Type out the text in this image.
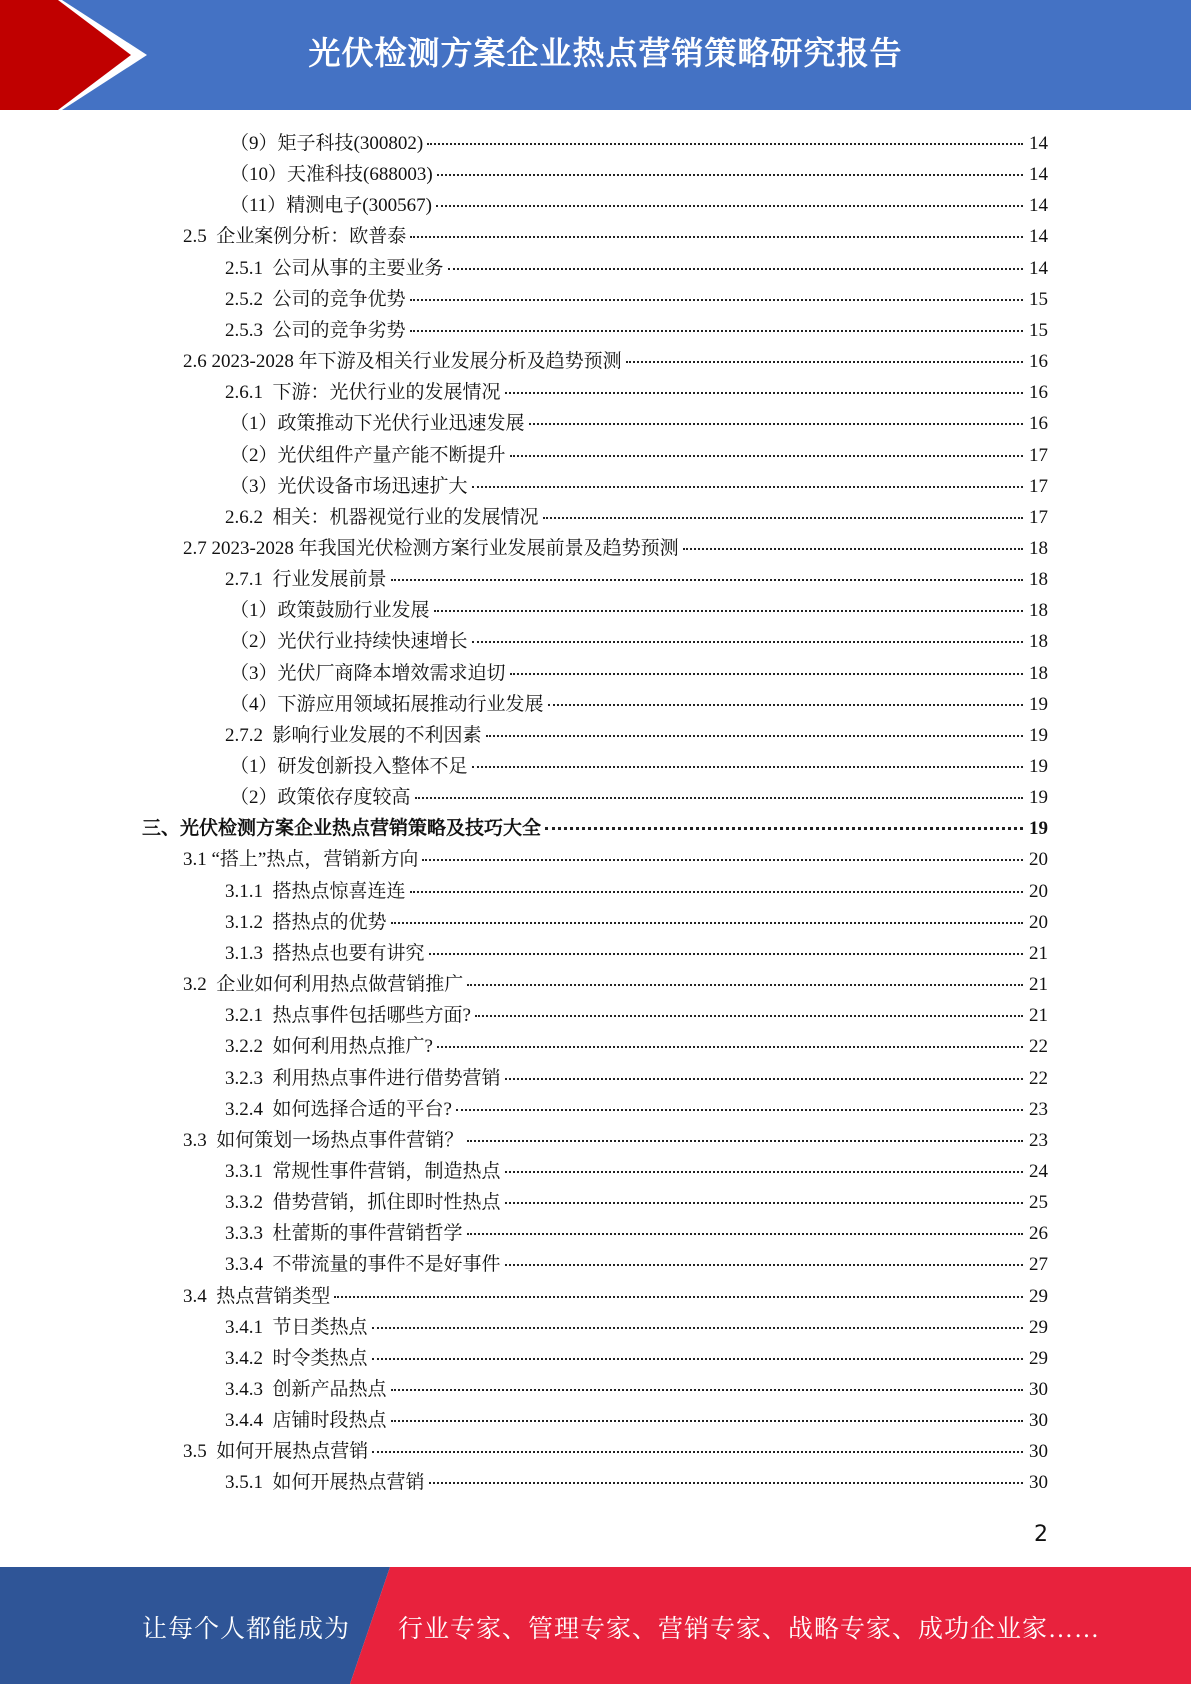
光伏检测方案企业热点营销策略研究报告
（9）矩子科技(300802)	14
（10）天准科技(688003)	14
（11）精测电子(300567)	14
2.5  企业案例分析：欧普泰	14
2.5.1  公司从事的主要业务	14
2.5.2  公司的竞争优势	15
2.5.3  公司的竞争劣势	15
2.6 2023-2028 年下游及相关行业发展分析及趋势预测	16
2.6.1  下游：光伏行业的发展情况	16
（1）政策推动下光伏行业迅速发展	16
（2）光伏组件产量产能不断提升	17
（3）光伏设备市场迅速扩大	17
2.6.2  相关：机器视觉行业的发展情况	17
2.7 2023-2028 年我国光伏检测方案行业发展前景及趋势预测	18
2.7.1  行业发展前景	18
（1）政策鼓励行业发展	18
（2）光伏行业持续快速增长	18
（3）光伏厂商降本增效需求迫切	18
（4）下游应用领域拓展推动行业发展	19
2.7.2  影响行业发展的不利因素	19
（1）研发创新投入整体不足	19
（2）政策依存度较高	19
三、光伏检测方案企业热点营销策略及技巧大全	19
3.1 “搭上”热点，营销新方向	20
3.1.1  搭热点惊喜连连	20
3.1.2  搭热点的优势	20
3.1.3  搭热点也要有讲究	21
3.2  企业如何利用热点做营销推广	21
3.2.1  热点事件包括哪些方面?	21
3.2.2  如何利用热点推广?	22
3.2.3  利用热点事件进行借势营销	22
3.2.4  如何选择合适的平台?	23
3.3  如何策划一场热点事件营销？	23
3.3.1  常规性事件营销，制造热点	24
3.3.2  借势营销，抓住即时性热点	25
3.3.3  杜蕾斯的事件营销哲学	26
3.3.4  不带流量的事件不是好事件	27
3.4  热点营销类型	29
3.4.1  节日类热点	29
3.4.2  时令类热点	29
3.4.3  创新产品热点	30
3.4.4  店铺时段热点	30
3.5  如何开展热点营销	30
3.5.1  如何开展热点营销	30
2
让每个人都能成为 行业专家、管理专家、营销专家、战略专家、成功企业家……
